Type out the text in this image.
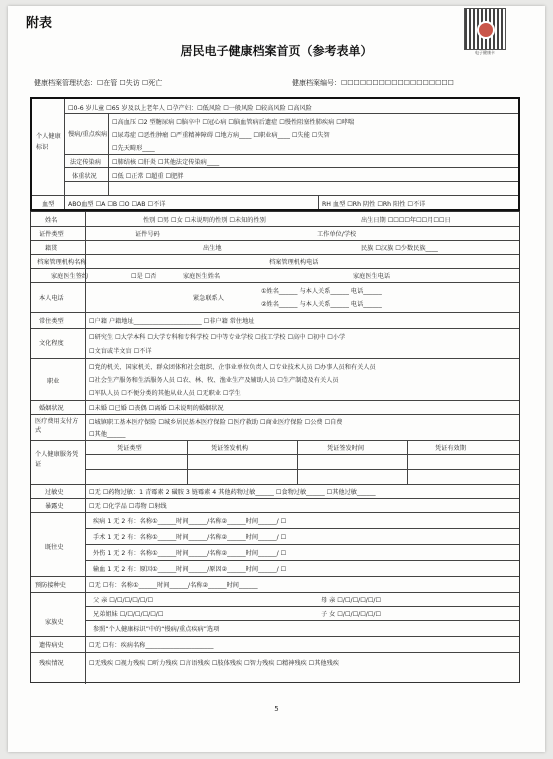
附表
电子健康卡
居民电子健康档案首页（参考表单）
健康档案管理状态：☐在管 ☐失访 ☐死亡	健康档案编号：☐☐☐☐☐☐☐☐☐☐☐☐☐☐☐☐☐☐
个人健康标识
☐0-6 岁儿童 ☐65 岁及以上老年人 ☐孕产妇：☐低风险 ☐一般风险 ☐较高风险 ☐高风险
慢病/重点疾病
☐高血压 ☐2 型糖尿病 ☐脑卒中 ☐冠心病 ☐脑血管病后遗症 ☐慢性阻塞性肺疾病 ☐哮喘
☐尿毒症 ☐恶性肿瘤 ☐严重精神障碍 ☐地方病____ ☐职业病____ ☐失能 ☐失智
☐先天畸形____
法定传染病 ☐肺结核 ☐肝炎 ☐其他法定传染病____
体重状况 ☐低 ☐正常 ☐超重 ☐肥胖
血型 ABO血型 ☐A ☐B ☐O ☐AB ☐不详	RH 血型 ☐Rh 阴性 ☐Rh 阳性 ☐不详
姓名	性别 ☐男 ☐女 ☐未说明的性别 ☐未知的性别	出生日期 ☐☐☐☐年☐☐月☐☐日
证件类型	证件号码	工作单位/学校
籍贯	出生地	民族 ☐汉族 ☐少数民族____
档案管理机构名称	档案管理机构电话
家庭医生签约	☐是 ☐否	家庭医生姓名	家庭医生电话
本人电话	紧急联系人
①姓名______ 与本人关系______ 电话______
②姓名______ 与本人关系______ 电话______
常住类型	☐户籍 户籍地址______________________ ☐非户籍 常住地址
文化程度
☐研究生 ☐大学本科 ☐大学专科和专科学校 ☐中等专业学校 ☐技工学校 ☐高中 ☐初中 ☐小学
☐文盲或半文盲 ☐不详
职业
☐党的机关、国家机关、群众团体和社会组织、企事业单位负责人 ☐专业技术人员 ☐办事人员和有关人员
☐社会生产服务和生活服务人员 ☐农、林、牧、渔业生产及辅助人员 ☐生产制造及有关人员
☐军队人员 ☐不便分类的其他从业人员 ☐无职业 ☐学生
婚姻状况	☐未婚 ☐已婚 ☐丧偶 ☐离婚 ☐未说明的婚姻状况
医疗费用支付方式
☐城镇职工基本医疗保险 ☐城乡居民基本医疗保险 ☐医疗救助 ☐商业医疗保险 ☐公费 ☐自费
☐其他______
个人健康服务凭证
凭证类型	凭证签发机构	凭证签发时间	凭证有效期
过敏史	☐无 ☐药物过敏：1 青霉素 2 磺胺 3 链霉素 4 其他药物过敏______ ☐食物过敏______ ☐其他过敏______
暴露史	☐无 ☐化学品 ☐毒物 ☐射线
既往史
疾病 1 无 2 有：名称①______时间______/名称②______时间______/ ☐
手术 1 无 2 有：名称①______时间______/名称②______时间______/ ☐
外伤 1 无 2 有：名称①______时间______/名称②______时间______/ ☐
输血 1 无 2 有：原因①______时间______/原因②______时间______/ ☐
预防接种史	☐无 ☐有：名称①______时间______/名称②______时间______
家族史
父 亲 ☐/☐/☐/☐/☐/☐	母 亲 ☐/☐/☐/☐/☐/☐
兄弟姐妹 ☐/☐/☐/☐/☐/☐	子 女 ☐/☐/☐/☐/☐/☐
参照“个人健康标识”中的“慢病/重点疾病”选项
遗传病史	☐无 ☐有：疾病名称______________________
残疾情况	☐无残疾 ☐视力残疾 ☐听力残疾 ☐言语残疾 ☐肢体残疾 ☐智力残疾 ☐精神残疾 ☐其他残疾
5
